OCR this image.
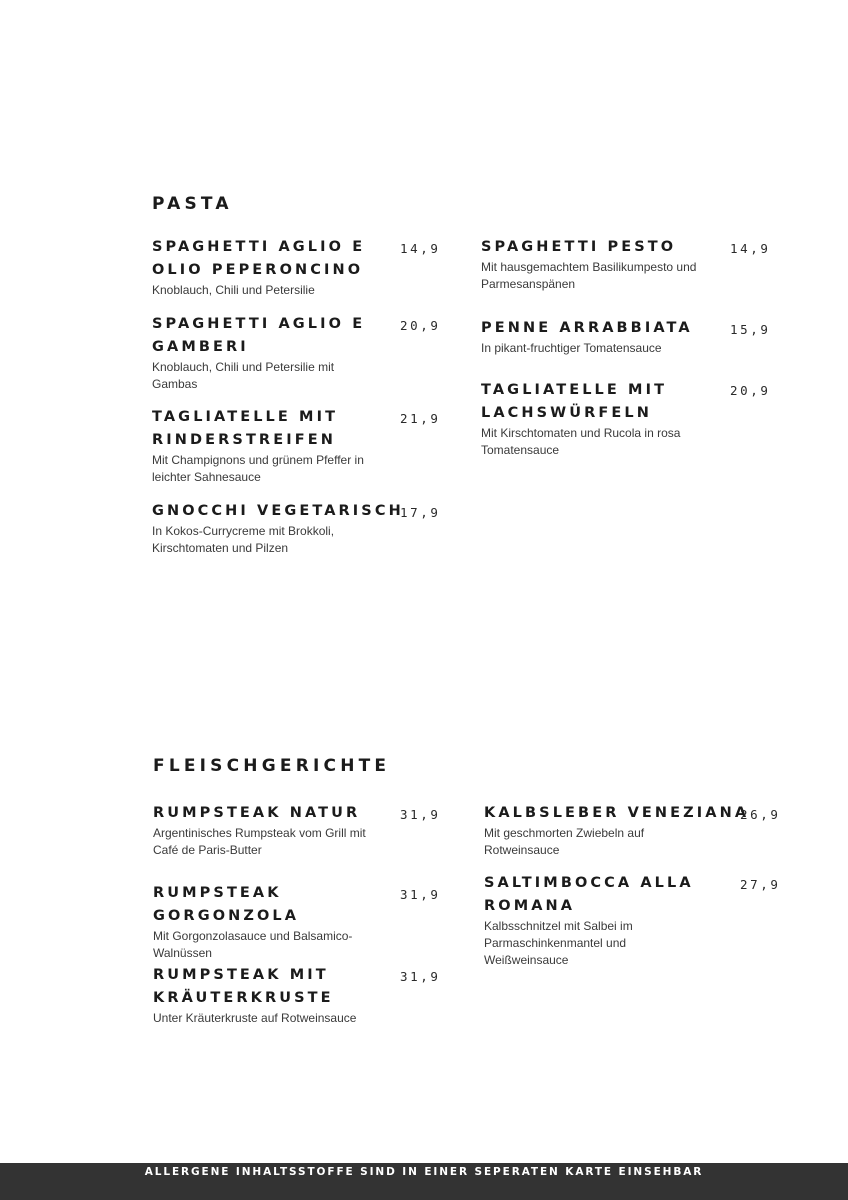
PASTA
SPAGHETTI AGLIO E OLIO PEPERONCINO
Knoblauch, Chili und Petersilie
14,9
SPAGHETTI AGLIO E GAMBERI
Knoblauch, Chili und Petersilie mit Gambas
20,9
TAGLIATELLE MIT RINDERSTREIFEN
Mit Champignons und grünem Pfeffer in leichter Sahnesauce
21,9
GNOCCHI VEGETARISCH
In Kokos-Currycreme mit Brokkoli, Kirschtomaten und Pilzen
17,9
SPAGHETTI PESTO
Mit hausgemachtem Basilikumpesto und Parmesanspänen
14,9
PENNE ARRABBIATA
In pikant-fruchtiger Tomatensauce
15,9
TAGLIATELLE MIT LACHSWÜRFELN
Mit Kirschtomaten und Rucola in rosa Tomatensauce
20,9
FLEISCHGERICHTE
RUMPSTEAK NATUR
Argentinisches Rumpsteak vom Grill mit Café de Paris-Butter
31,9
RUMPSTEAK GORGONZOLA
Mit Gorgonzolasauce und Balsamico-Walnüssen
31,9
RUMPSTEAK MIT KRÄUTERKRUSTE
Unter Kräuterkruste auf Rotweinsauce
31,9
KALBSLEBER VENEZIANA
Mit geschmorten Zwiebeln auf Rotweinsauce
26,9
SALTIMBOCCA ALLA ROMANA
Kalbsschnitzel mit Salbei im Parmaschinkenmantel und Weißweinsauce
27,9
ALLERGENE INHALTSSTOFFE SIND IN EINER SEPERATEN KARTE EINSEHBAR
